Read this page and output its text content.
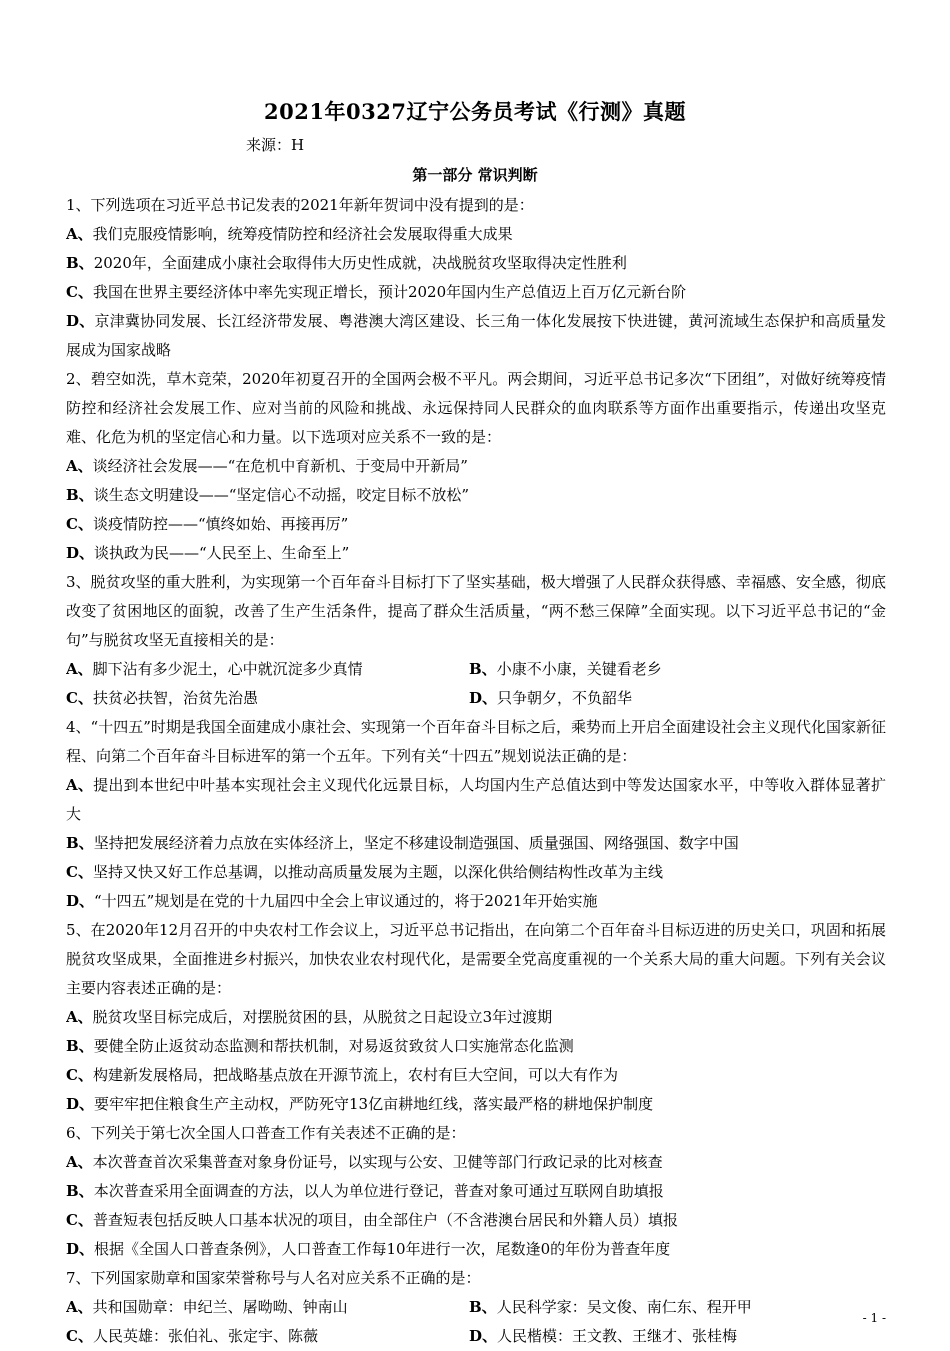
2021年0327辽宁公务员考试《行测》真题
来源：H
第一部分 常识判断
1、下列选项在习近平总书记发表的2021年新年贺词中没有提到的是：
A、我们克服疫情影响，统筹疫情防控和经济社会发展取得重大成果
B、2020年，全面建成小康社会取得伟大历史性成就，决战脱贫攻坚取得决定性胜利
C、我国在世界主要经济体中率先实现正增长，预计2020年国内生产总值迈上百万亿元新台阶
D、京津冀协同发展、长江经济带发展、粤港澳大湾区建设、长三角一体化发展按下快进键，黄河流域生态保护和高质量发展成为国家战略
2、碧空如洗，草木竞荣，2020年初夏召开的全国两会极不平凡。两会期间，习近平总书记多次“下团组”，对做好统筹疫情防控和经济社会发展工作、应对当前的风险和挑战、永远保持同人民群众的血肉联系等方面作出重要指示，传递出攻坚克难、化危为机的坚定信心和力量。以下选项对应关系不一致的是：
A、谈经济社会发展——“在危机中育新机、于变局中开新局”
B、谈生态文明建设——“坚定信心不动摇，咬定目标不放松”
C、谈疫情防控——“慎终如始、再接再厉”
D、谈执政为民——“人民至上、生命至上”
3、脱贫攻坚的重大胜利，为实现第一个百年奋斗目标打下了坚实基础，极大增强了人民群众获得感、幸福感、安全感，彻底改变了贫困地区的面貌，改善了生产生活条件，提高了群众生活质量，“两不愁三保障”全面实现。以下习近平总书记的“金句”与脱贫攻坚无直接相关的是：
A、脚下沾有多少泥土，心中就沉淀多少真情	B、小康不小康，关键看老乡
C、扶贫必扶智，治贫先治愚	D、只争朝夕，不负韶华
4、“十四五”时期是我国全面建成小康社会、实现第一个百年奋斗目标之后，乘势而上开启全面建设社会主义现代化国家新征程、向第二个百年奋斗目标进军的第一个五年。下列有关“十四五”规划说法正确的是：
A、提出到本世纪中叶基本实现社会主义现代化远景目标，人均国内生产总值达到中等发达国家水平，中等收入群体显著扩大
B、坚持把发展经济着力点放在实体经济上，坚定不移建设制造强国、质量强国、网络强国、数字中国
C、坚持又快又好工作总基调，以推动高质量发展为主题，以深化供给侧结构性改革为主线
D、“十四五”规划是在党的十九届四中全会上审议通过的，将于2021年开始实施
5、在2020年12月召开的中央农村工作会议上，习近平总书记指出，在向第二个百年奋斗目标迈进的历史关口，巩固和拓展脱贫攻坚成果，全面推进乡村振兴，加快农业农村现代化，是需要全党高度重视的一个关系大局的重大问题。下列有关会议主要内容表述正确的是：
A、脱贫攻坚目标完成后，对摆脱贫困的县，从脱贫之日起设立3年过渡期
B、要健全防止返贫动态监测和帮扶机制，对易返贫致贫人口实施常态化监测
C、构建新发展格局，把战略基点放在开源节流上，农村有巨大空间，可以大有作为
D、要牢牢把住粮食生产主动权，严防死守13亿亩耕地红线，落实最严格的耕地保护制度
6、下列关于第七次全国人口普查工作有关表述不正确的是：
A、本次普查首次采集普查对象身份证号，以实现与公安、卫健等部门行政记录的比对核查
B、本次普查采用全面调查的方法，以人为单位进行登记，普查对象可通过互联网自助填报
C、普查短表包括反映人口基本状况的项目，由全部住户（不含港澳台居民和外籍人员）填报
D、根据《全国人口普查条例》，人口普查工作每10年进行一次，尾数逢0的年份为普查年度
7、下列国家勋章和国家荣誉称号与人名对应关系不正确的是：
A、共和国勋章：申纪兰、屠呦呦、钟南山	B、人民科学家：吴文俊、南仁东、程开甲
C、人民英雄：张伯礼、张定宇、陈薇	D、人民楷模：王文教、王继才、张桂梅
- 1 -
